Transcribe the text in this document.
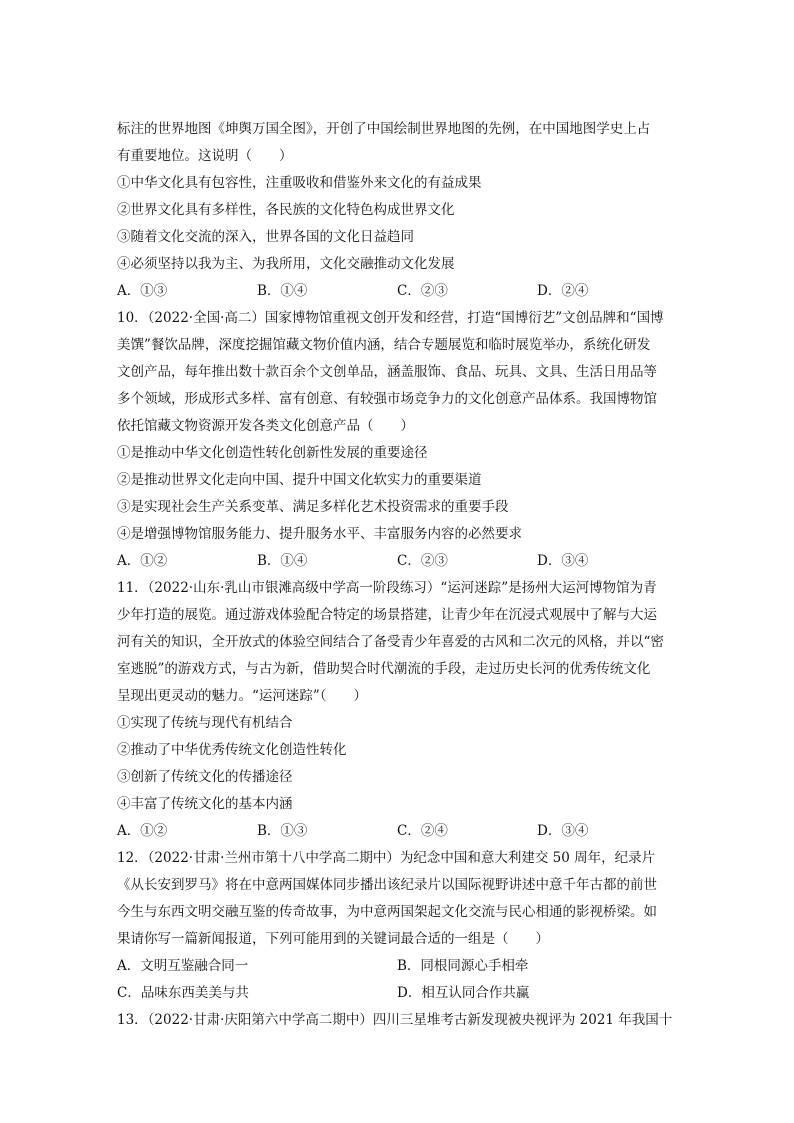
标注的世界地图《坤舆万国全图》，开创了中国绘制世界地图的先例，在中国地图学史上占
有重要地位。这说明（　　）
①中华文化具有包容性，注重吸收和借鉴外来文化的有益成果
②世界文化具有多样性，各民族的文化特色构成世界文化
③随着文化交流的深入，世界各国的文化日益趋同
④必须坚持以我为主、为我所用，文化交融推动文化发展
A．①③	B．①④	C．②③	D．②④
10．（2022·全国·高二）国家博物馆重视文创开发和经营，打造“国博衍艺”文创品牌和“国博
美馔”餐饮品牌，深度挖掘馆藏文物价值内涵，结合专题展览和临时展览举办，系统化研发
文创产品，每年推出数十款百余个文创单品，涵盖服饰、食品、玩具、文具、生活日用品等
多个领域，形成形式多样、富有创意、有较强市场竞争力的文化创意产品体系。我国博物馆
依托馆藏文物资源开发各类文化创意产品（　　）
①是推动中华文化创造性转化创新性发展的重要途径
②是推动世界文化走向中国、提升中国文化软实力的重要渠道
③是实现社会生产关系变革、满足多样化艺术投资需求的重要手段
④是增强博物馆服务能力、提升服务水平、丰富服务内容的必然要求
A．①②	B．①④	C．②③	D．③④
11．（2022·山东·乳山市银滩高级中学高一阶段练习）“运河迷踪”是扬州大运河博物馆为青
少年打造的展览。通过游戏体验配合特定的场景搭建，让青少年在沉浸式观展中了解与大运
河有关的知识，全开放式的体验空间结合了备受青少年喜爱的古风和二次元的风格，并以“密
室逃脱”的游戏方式，与古为新，借助契合时代潮流的手段，走过历史长河的优秀传统文化
呈现出更灵动的魅力。“运河迷踪”（　　）
①实现了传统与现代有机结合
②推动了中华优秀传统文化创造性转化
③创新了传统文化的传播途径
④丰富了传统文化的基本内涵
A．①②	B．①③	C．②④	D．③④
12．（2022·甘肃·兰州市第十八中学高二期中）为纪念中国和意大利建交 50 周年，纪录片
《从长安到罗马》将在中意两国媒体同步播出该纪录片以国际视野讲述中意千年古都的前世
今生与东西文明交融互鉴的传奇故事，为中意两国架起文化交流与民心相通的影视桥梁。如
果请你写一篇新闻报道，下列可能用到的关键词最合适的一组是（　　）
A．文明互鉴融合同一	B．同根同源心手相牵
C．品味东西美美与共	D．相互认同合作共赢
13．（2022·甘肃·庆阳第六中学高二期中）四川三星堆考古新发现被央视评为 2021 年我国十
